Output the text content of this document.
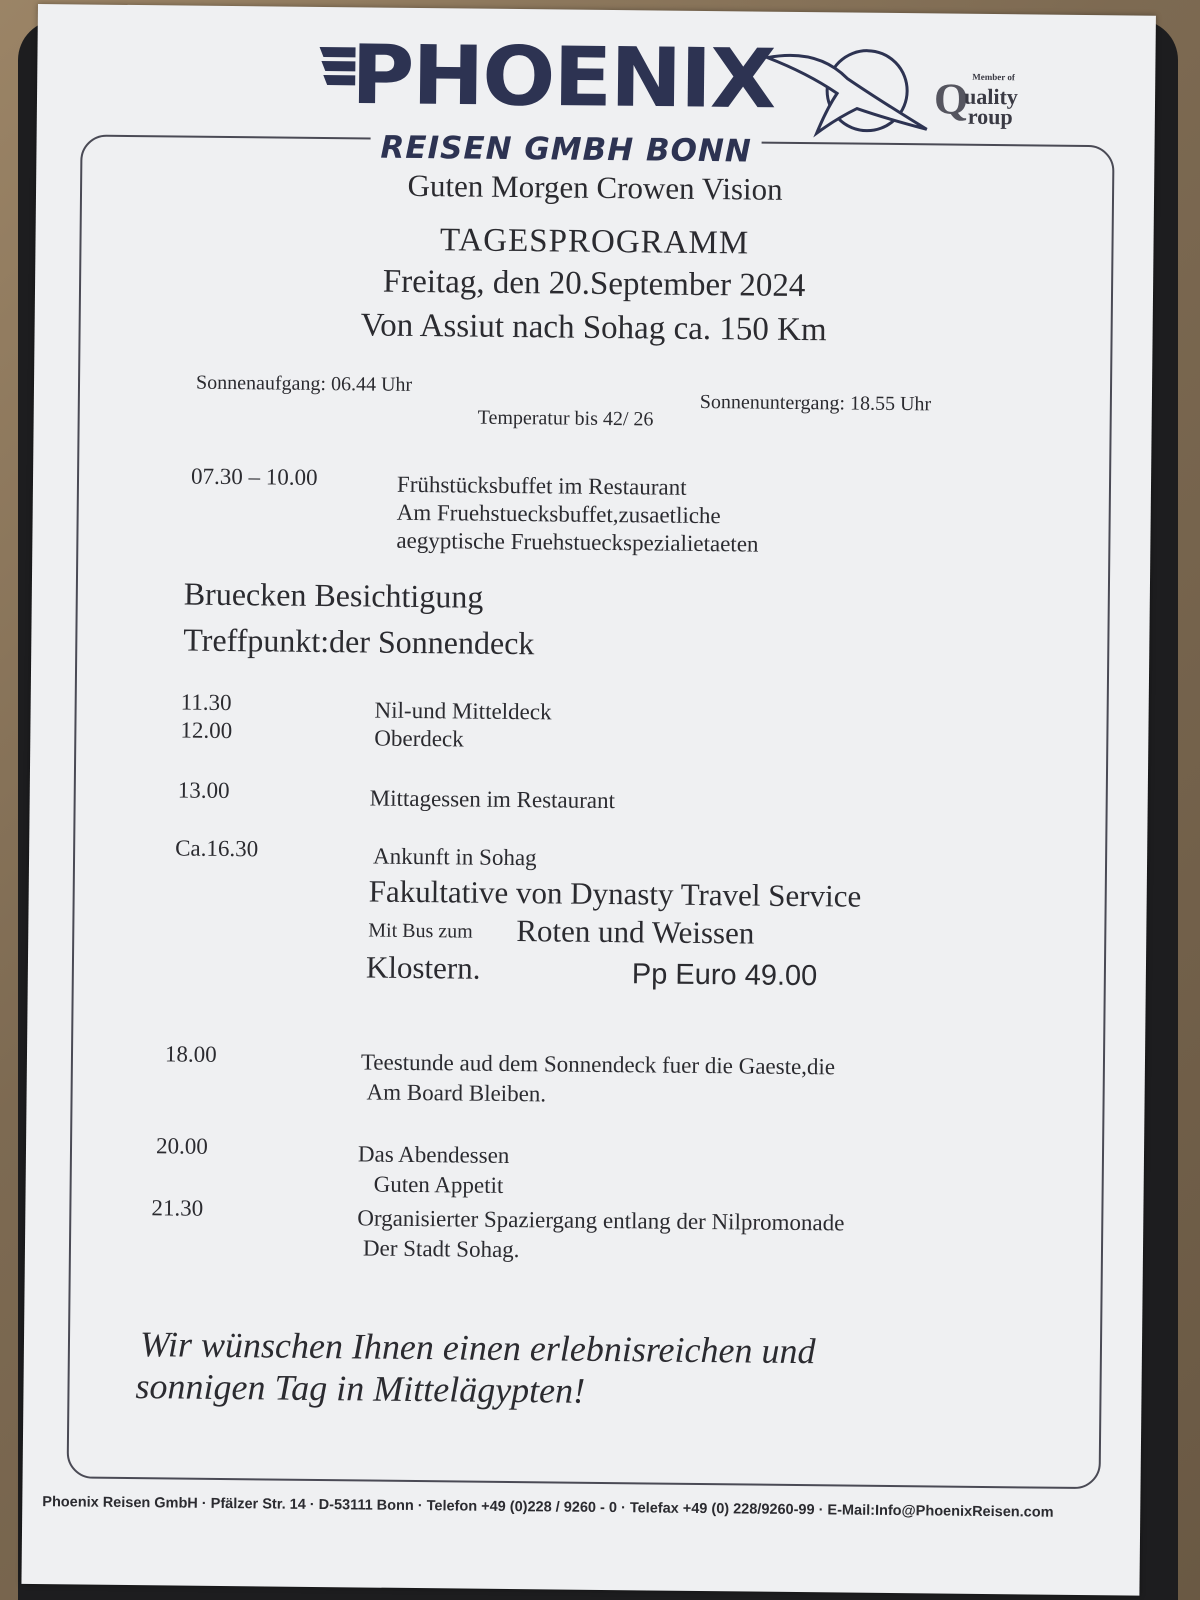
PHOENIX
REISEN GMBH BONN
Q Member of
uality
roup
Guten Morgen Crowen Vision
TAGESPROGRAMM
Freitag, den 20.September 2024
Von Assiut nach Sohag ca. 150 Km
Sonnenaufgang: 06.44 Uhr
Sonnenuntergang: 18.55 Uhr
Temperatur bis 42/ 26
07.30 – 10.00	Frühstücksbuffet im Restaurant
Am Fruehstuecksbuffet,zusaetliche
aegyptische Fruehstueckspezialietaeten
Bruecken Besichtigung
Treffpunkt:der Sonnendeck
11.30	Nil-und Mitteldeck
12.00	Oberdeck
13.00	Mittagessen im Restaurant
Ca.16.30	Ankunft in Sohag
Fakultative von Dynasty Travel Service
Mit Bus zum Roten und Weissen
Klostern.	Pp Euro 49.00
18.00	Teestunde aud dem Sonnendeck fuer die Gaeste,die
Am Board Bleiben.
20.00	Das Abendessen
Guten Appetit
21.30	Organisierter Spaziergang entlang der Nilpromonade
Der Stadt Sohag.
Wir wünschen Ihnen einen erlebnisreichen und
sonnigen Tag in Mittelägypten!
Phoenix Reisen GmbH · Pfälzer Str. 14 · D-53111 Bonn · Telefon +49 (0)228 / 9260 - 0 · Telefax +49 (0) 228/9260-99 · E-Mail:Info@PhoenixReisen.com
